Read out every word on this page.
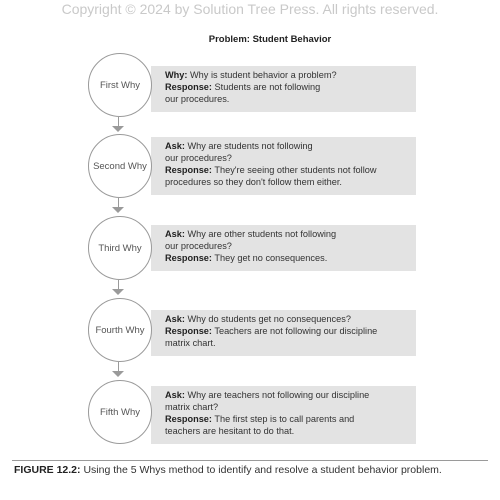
Copyright © 2024 by Solution Tree Press. All rights reserved.
Problem: Student Behavior
Why: Why is student behavior a problem?
Response: Students are not following
our procedures.
First Why
Ask: Why are students not following
our procedures?
Response: They're seeing other students not follow
procedures so they don't follow them either.
Second Why
Ask: Why are other students not following
our procedures?
Response: They get no consequences.
Third Why
Ask: Why do students get no consequences?
Response: Teachers are not following our discipline
matrix chart.
Fourth Why
Ask: Why are teachers not following our discipline
matrix chart?
Response: The first step is to call parents and
teachers are hesitant to do that.
Fifth Why
FIGURE 12.2: Using the 5 Whys method to identify and resolve a student behavior problem.
